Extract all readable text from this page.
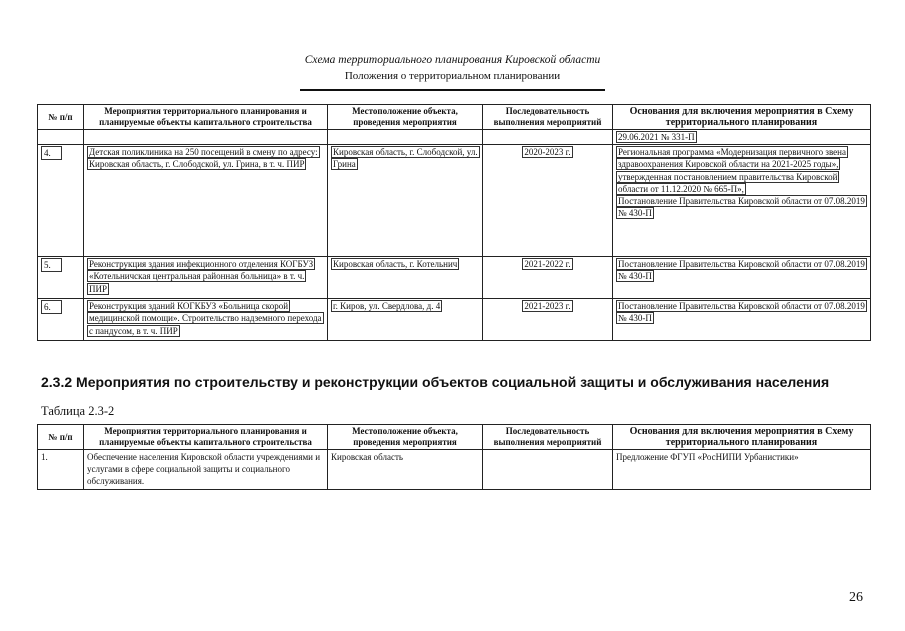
Схема территориального планирования Кировской области
Положения о территориальном планировании
№ п/п	Мероприятия территориального планирования и планируемые объекты капитального строительства	Местоположение объекта, проведения мероприятия	Последовательность выполнения мероприятий	Основания для включения мероприятия в Схему территориального планирования
				29.06.2021 № 331-П
4.	Детская поликлиника на 250 посещений в смену по адресу: Кировская область, г. Слободской, ул. Грина, в т. ч. ПИР	Кировская область, г. Слободской, ул. Грина	2020-2023 г.	Региональная программа «Модернизация первичного звена здравоохранения Кировской области на 2021-2025 годы», утвержденная постановлением правительства Кировской области от 11.12.2020 № 665-П»,
Постановление Правительства Кировской области от 07.08.2019
№ 430-П
5.	Реконструкция здания инфекционного отделения КОГБУЗ «Котельничская центральная районная больница» в т. ч. ПИР	Кировская область, г. Котельнич	2021-2022 г.	Постановление Правительства Кировской области от 07.08.2019
№ 430-П
6.	Реконструкция зданий КОГКБУЗ «Больница скорой медицинской помощи». Строительство надземного перехода с пандусом, в т. ч. ПИР	г. Киров, ул. Свердлова, д. 4	2021-2023 г.	Постановление Правительства Кировской области от 07.08.2019
№ 430-П
2.3.2 Мероприятия по строительству и реконструкции объектов социальной защиты и обслуживания населения
Таблица 2.3-2
№ п/п	Мероприятия территориального планирования и планируемые объекты капитального строительства	Местоположение объекта, проведения мероприятия	Последовательность выполнения мероприятий	Основания для включения мероприятия в Схему территориального планирования
1.	Обеспечение населения Кировской области учреждениями и услугами в сфере социальной защиты и социального обслуживания.	Кировская область		Предложение ФГУП «РосНИПИ Урбанистики»
26
